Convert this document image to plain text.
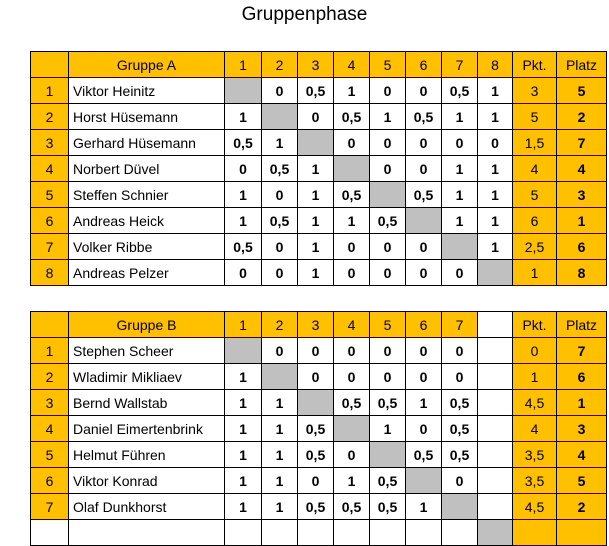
Gruppenphase
	Gruppe A	1	2	3	4	5	6	7	8	Pkt.	Platz
1	Viktor Heinitz		0	0,5	1	0	0	0,5	1	3	5
2	Horst Hüsemann	1		0	0,5	1	0,5	1	1	5	2
3	Gerhard Hüsemann	0,5	1		0	0	0	0	0	1,5	7
4	Norbert Düvel	0	0,5	1		0	0	1	1	4	4
5	Steffen Schnier	1	0	1	0,5		0,5	1	1	5	3
6	Andreas Heick	1	0,5	1	1	0,5		1	1	6	1
7	Volker Ribbe	0,5	0	1	0	0	0		1	2,5	6
8	Andreas Pelzer	0	0	1	0	0	0	0		1	8
	Gruppe B	1	2	3	4	5	6	7		Pkt.	Platz
1	Stephen Scheer		0	0	0	0	0	0		0	7
2	Wladimir Mikliaev	1		0	0	0	0	0		1	6
3	Bernd Wallstab	1	1		0,5	0,5	1	0,5		4,5	1
4	Daniel Eimertenbrink	1	1	0,5		1	0	0,5		4	3
5	Helmut Führen	1	1	0,5	0		0,5	0,5		3,5	4
6	Viktor Konrad	1	1	0	1	0,5		0		3,5	5
7	Olaf Dunkhorst	1	1	0,5	0,5	0,5	1			4,5	2
